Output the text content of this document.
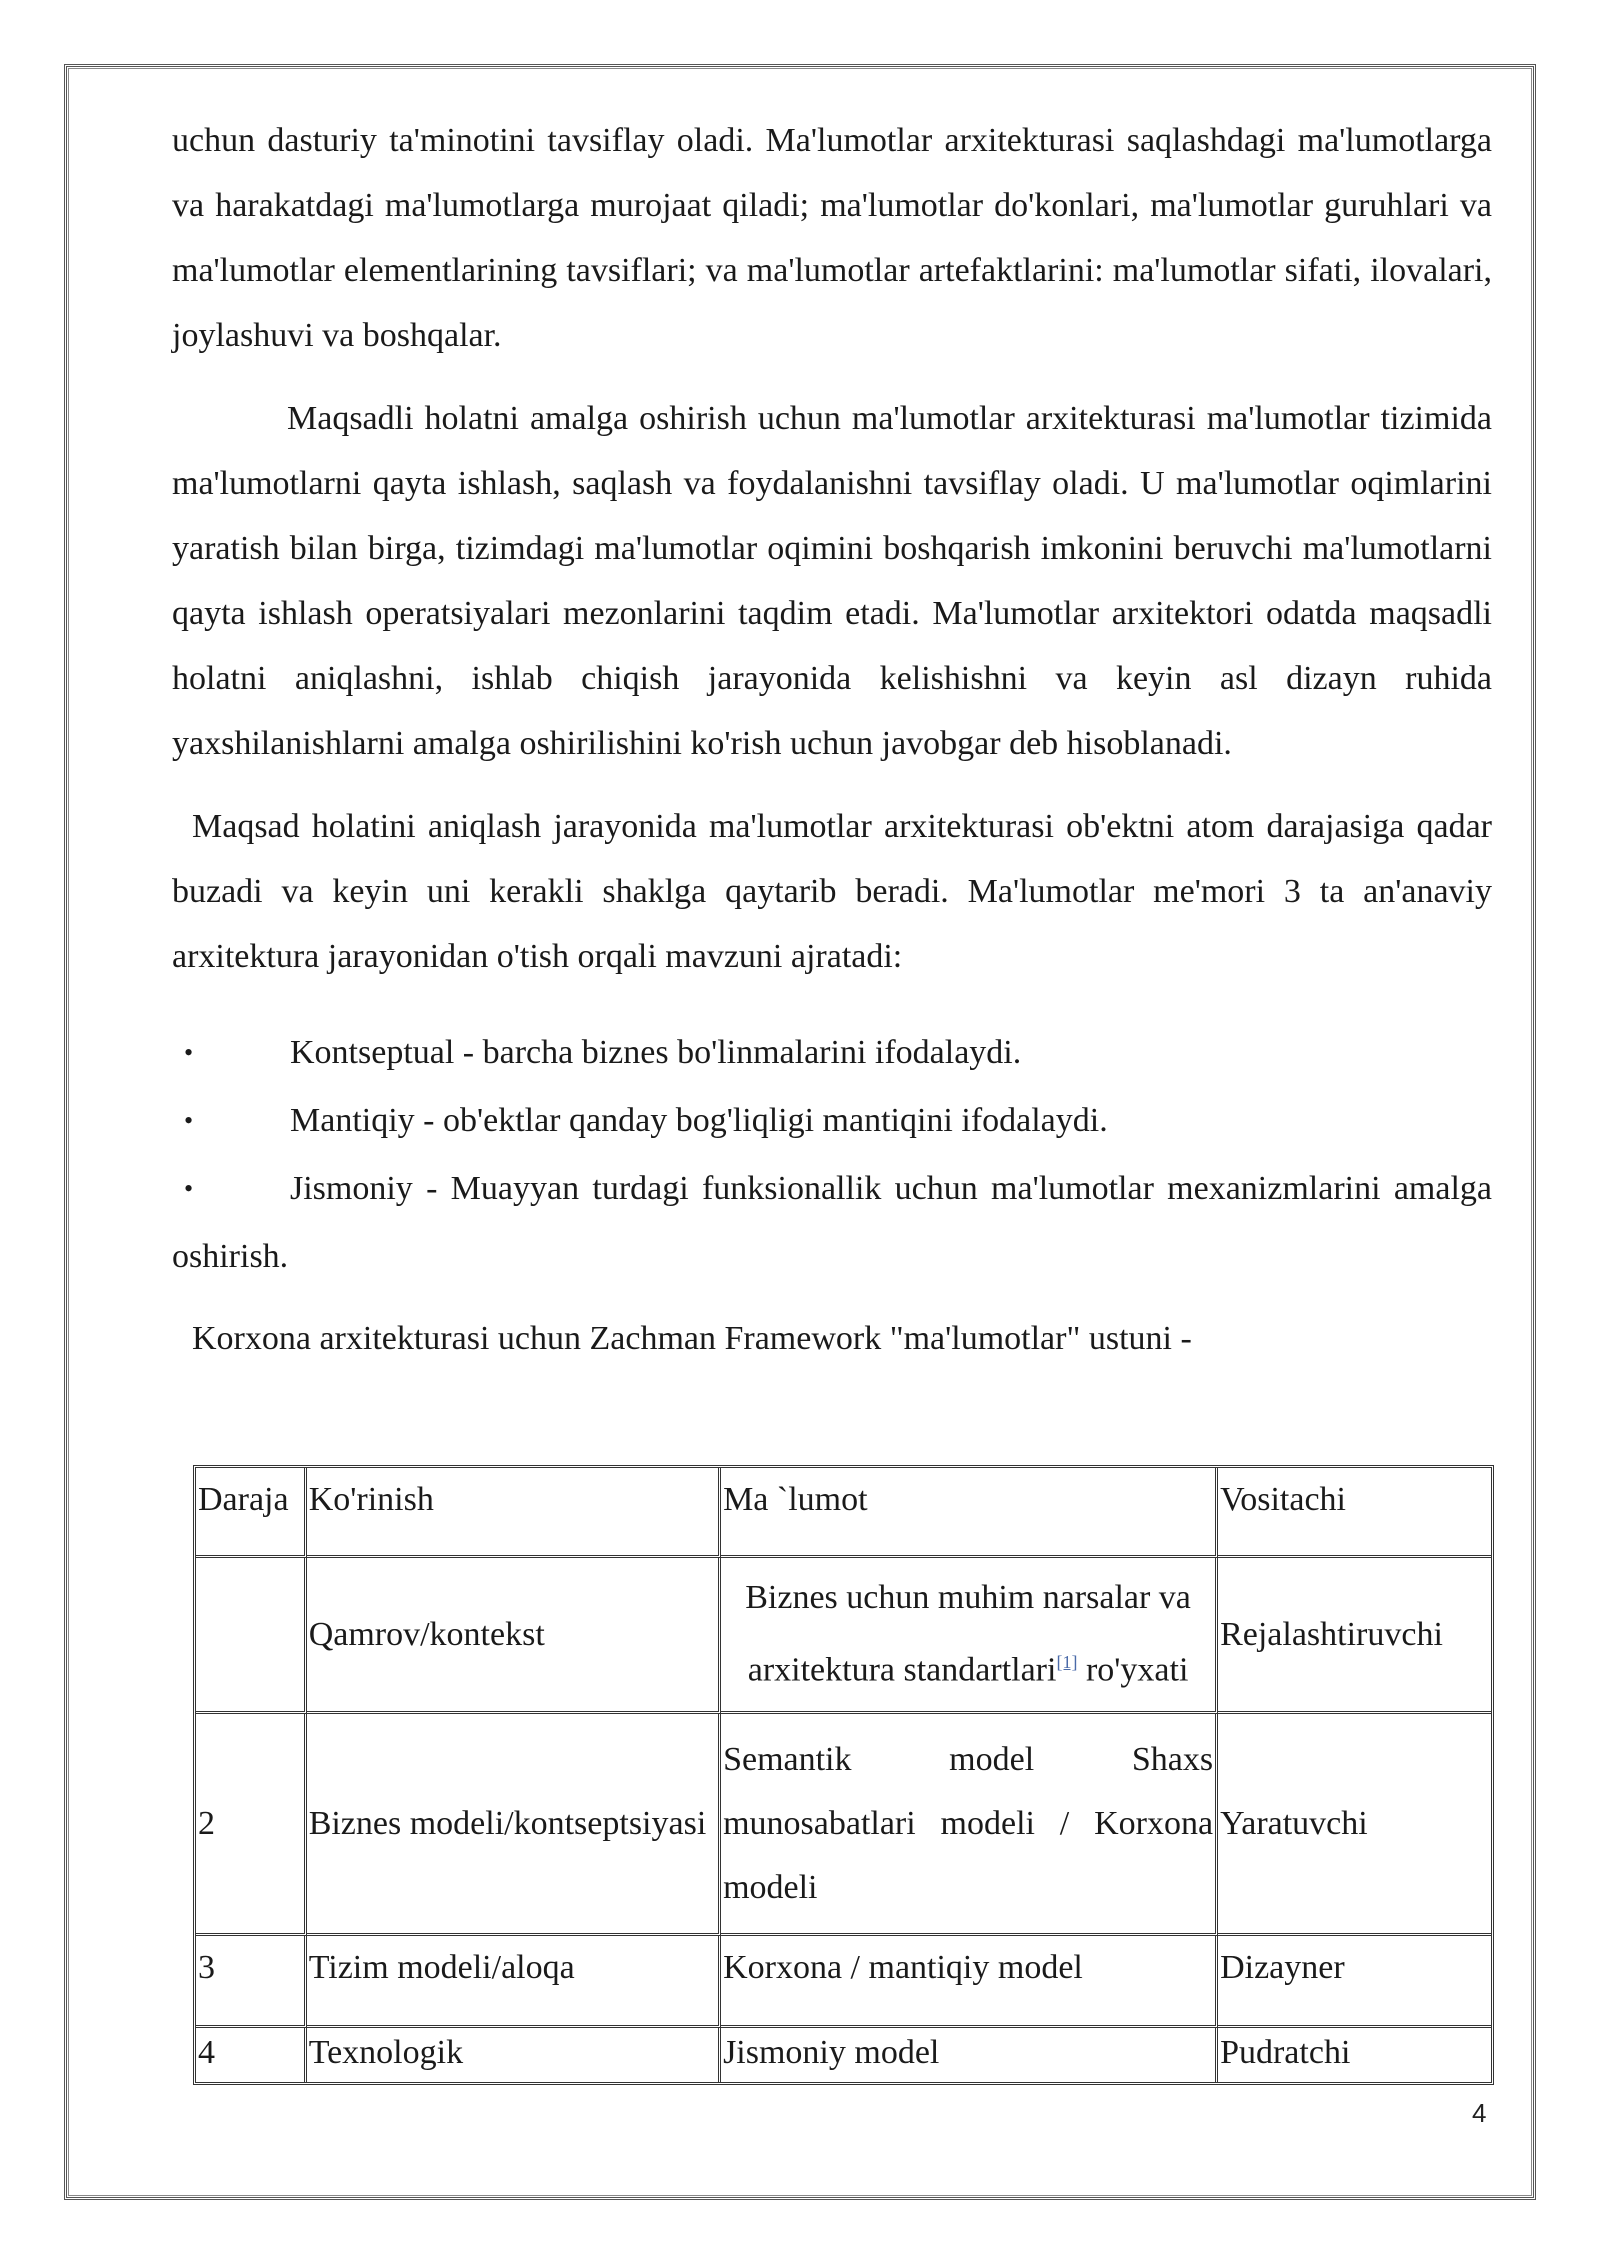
uchun dasturiy ta'minotini tavsiflay oladi. Ma'lumotlar arxitekturasi saqlashdagi ma'lumotlarga va harakatdagi ma'lumotlarga murojaat qiladi; ma'lumotlar do'konlari, ma'lumotlar guruhlari va ma'lumotlar elementlarining tavsiflari; va ma'lumotlar artefaktlarini: ma'lumotlar sifati, ilovalari, joylashuvi va boshqalar.

Maqsadli holatni amalga oshirish uchun ma'lumotlar arxitekturasi ma'lumotlar tizimida ma'lumotlarni qayta ishlash, saqlash va foydalanishni tavsiflay oladi. U ma'lumotlar oqimlarini yaratish bilan birga, tizimdagi ma'lumotlar oqimini boshqarish imkonini beruvchi ma'lumotlarni qayta ishlash operatsiyalari mezonlarini taqdim etadi. Ma'lumotlar arxitektori odatda maqsadli holatni aniqlashni, ishlab chiqish jarayonida kelishishni va keyin asl dizayn ruhida yaxshilanishlarni amalga oshirilishini ko'rish uchun javobgar deb hisoblanadi.

Maqsad holatini aniqlash jarayonida ma'lumotlar arxitekturasi ob'ektni atom darajasiga qadar buzadi va keyin uni kerakli shaklga qaytarib beradi. Ma'lumotlar me'mori 3 ta an'anaviy arxitektura jarayonidan o'tish orqali mavzuni ajratadi:

•	Kontseptual - barcha biznes bo'linmalarini ifodalaydi.
•	Mantiqiy - ob'ektlar qanday bog'liqligi mantiqini ifodalaydi.
•	Jismoniy - Muayyan turdagi funksionallik uchun ma'lumotlar mexanizmlarini amalga oshirish.

Korxona arxitekturasi uchun Zachman Framework "ma'lumotlar" ustuni -

Daraja	Ko'rinish	Ma `lumot	Vositachi
	Qamrov/kontekst	Biznes uchun muhim narsalar va arxitektura standartlari[1] ro'yxati	Rejalashtiruvchi
2	Biznes modeli/kontseptsiyasi	Semantik model Shaxs munosabatlari modeli / Korxona modeli	Yaratuvchi
3	Tizim modeli/aloqa	Korxona / mantiqiy model	Dizayner
4	Texnologik	Jismoniy model	Pudratchi
4
